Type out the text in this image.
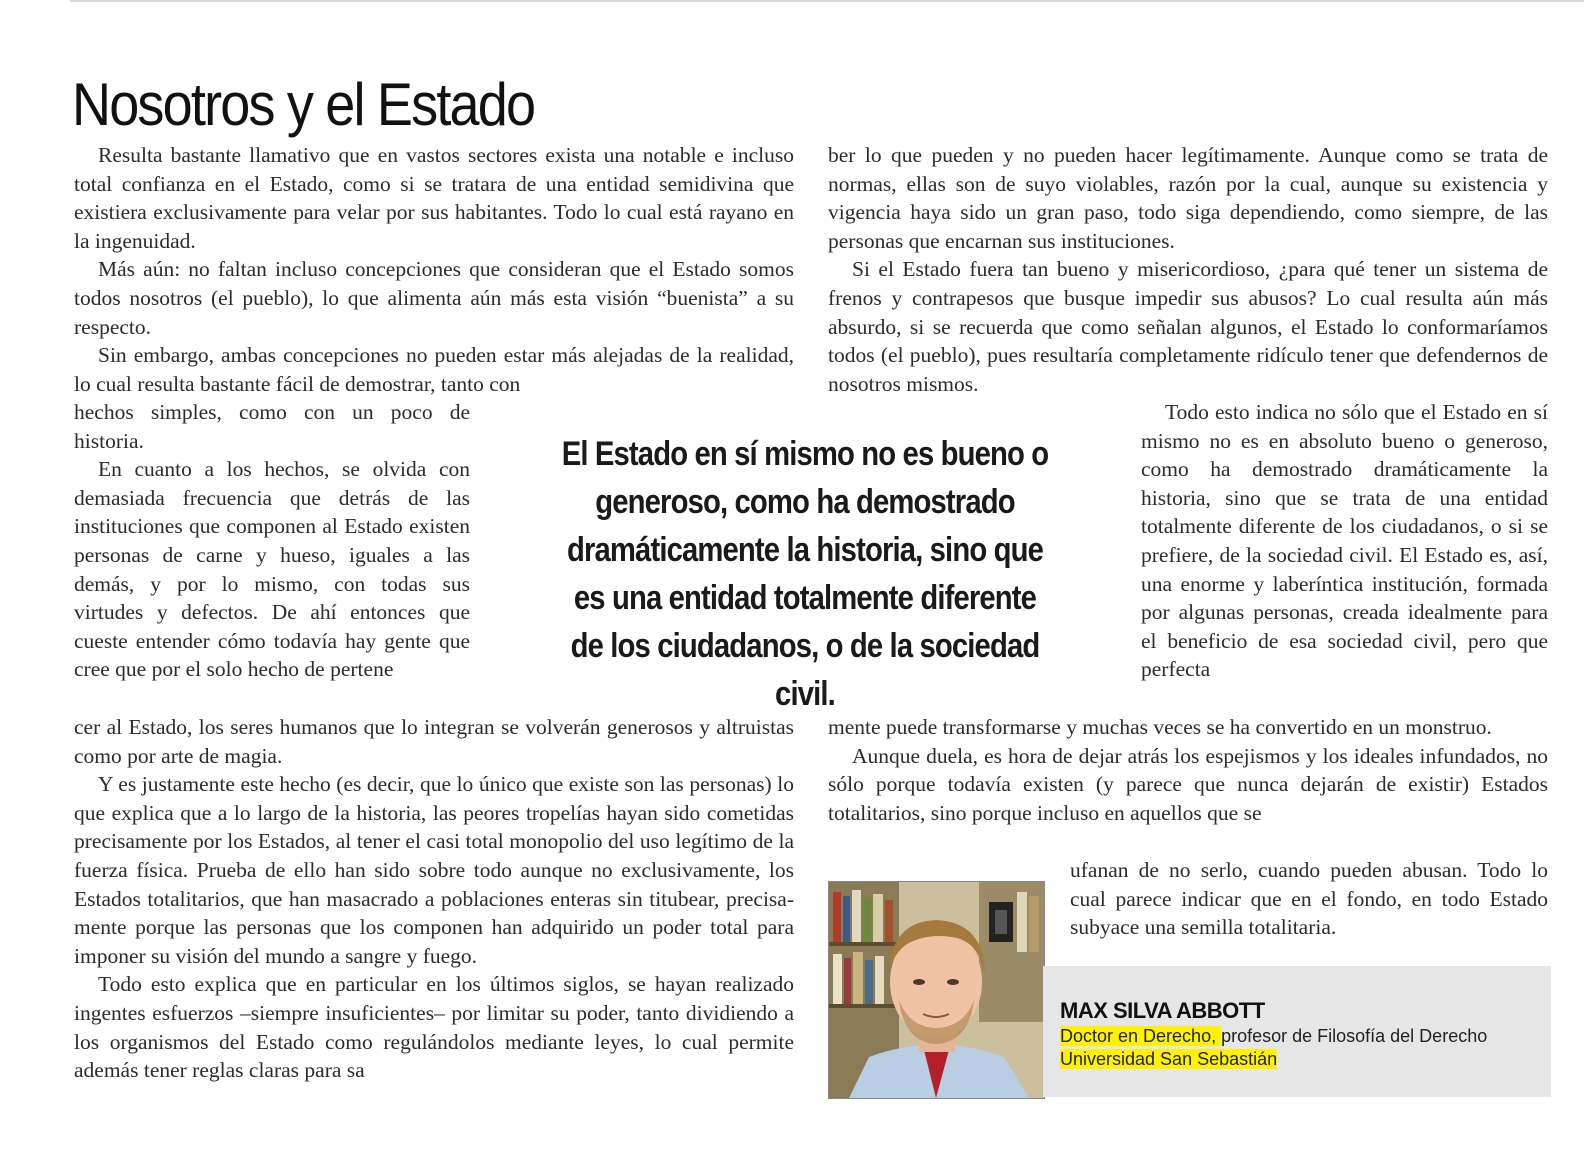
Nosotros y el Estado

Resulta bastante llamativo que en vastos sectores exista una notable e incluso total confianza en el Estado, como si se tratara de una entidad semidivina que existiera exclusivamente para velar por sus habitantes. Todo lo cual está rayano en la ingenuidad.

Más aún: no faltan incluso concepciones que consideran que el Estado somos todos nosotros (el pueblo), lo que alimenta aún más esta visión “buenista” a su respecto.

Sin embargo, ambas concepciones no pueden estar más alejadas de la realidad, lo cual resulta bastante fácil de demostrar, tanto con

hechos simples, como con un poco de historia.

En cuanto a los hechos, se olvida con demasiada frecuencia que detrás de las instituciones que componen al Estado existen personas de carne y hueso, iguales a las demás, y por lo mismo, con todas sus virtudes y defectos. De ahí entonces que cueste entender cómo todavía hay gente que cree que por el solo hecho de pertene

cer al Estado, los seres humanos que lo integran se volverán generosos y altruistas como por arte de magia.

Y es justamente este hecho (es decir, que lo único que existe son las personas) lo que explica que a lo largo de la historia, las peores tropelías hayan sido cometidas precisamente por los Estados, al tener el casi total monopolio del uso legítimo de la fuerza física. Prueba de ello han sido sobre todo aunque no exclusivamente, los Estados totalitarios, que han masacrado a poblaciones enteras sin titubear, precisamente porque las personas que los componen han adquirido un poder total para imponer su visión del mundo a sangre y fuego.

Todo esto explica que en particular en los últimos siglos, se hayan realizado ingentes esfuerzos –siempre insuficientes– por limitar su poder, tanto dividiendo a los organismos del Estado como regulándolos mediante leyes, lo cual permite además tener reglas claras para sa

ber lo que pueden y no pueden hacer legítimamente. Aunque como se trata de normas, ellas son de suyo violables, razón por la cual, aunque su existencia y vigencia haya sido un gran paso, todo siga dependiendo, como siempre, de las personas que encarnan sus instituciones.

Si el Estado fuera tan bueno y misericordioso, ¿para qué tener un sistema de frenos y contrapesos que busque impedir sus abusos? Lo cual resulta aún más absurdo, si se recuerda que como señalan algunos, el Estado lo conformaríamos todos (el pueblo), pues resultaría completamente ridículo tener que defendernos de nosotros mismos.

Todo esto indica no sólo que el Estado en sí mismo no es en absoluto bueno o generoso, como ha demostrado dramáticamente la historia, sino que se trata de una entidad totalmente diferente de los ciudadanos, o si se prefiere, de la sociedad civil. El Estado es, así, una enorme y laberíntica institución, formada por algunas personas, creada idealmente para el beneficio de esa sociedad civil, pero que perfecta

mente puede transformarse y muchas veces se ha convertido en un monstruo.

Aunque duela, es hora de dejar atrás los espejismos y los ideales infundados, no sólo porque todavía existen (y parece que nunca dejarán de existir) Estados totalitarios, sino porque incluso en aquellos que se

ufanan de no serlo, cuando pueden abusan. Todo lo cual parece indicar que en el fondo, en todo Estado subyace una semilla totalitaria.

El Estado en sí mismo no es bueno o generoso, como ha demostrado dramáticamente la historia, sino que es una entidad totalmente diferente de los ciudadanos, o de la sociedad civil.
MAX SILVA ABBOTT
Doctor en Derecho, profesor de Filosofía del Derecho
Universidad San Sebastián
